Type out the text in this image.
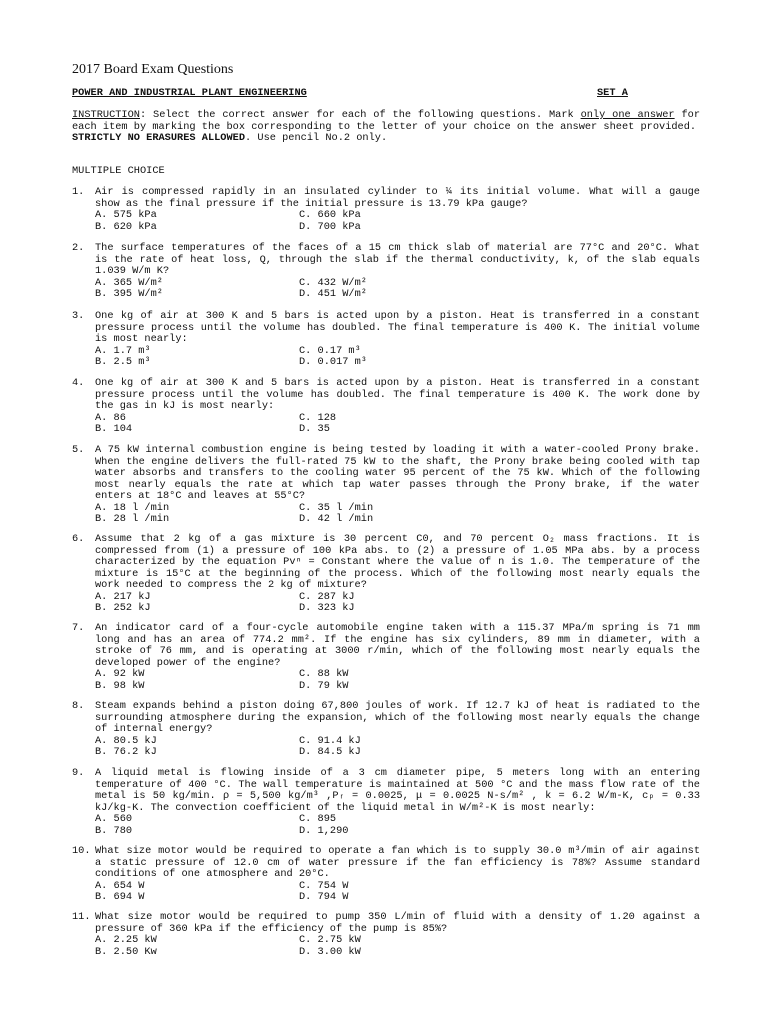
2017 Board Exam Questions
POWER AND INDUSTRIAL PLANT ENGINEERING	SET A
INSTRUCTION: Select the correct answer for each of the following questions. Mark only one answer for each item by marking the box corresponding to the letter of your choice on the answer sheet provided.
STRICTLY NO ERASURES ALLOWED. Use pencil No.2 only.
MULTIPLE CHOICE
1. Air is compressed rapidly in an insulated cylinder to ¼ its initial volume. What will a gauge show as the final pressure if the initial pressure is 13.79 kPa gauge?
A. 575 kPa	C. 660 kPa
B. 620 kPa	D. 700 kPa
2. The surface temperatures of the faces of a 15 cm thick slab of material are 77°C and 20°C. What is the rate of heat loss, Q, through the slab if the thermal conductivity, k, of the slab equals 1.039 W/m K?
A. 365 W/m²	C. 432 W/m²
B. 395 W/m²	D. 451 W/m²
3. One kg of air at 300 K and 5 bars is acted upon by a piston. Heat is transferred in a constant pressure process until the volume has doubled. The final temperature is 400 K. The initial volume is most nearly:
A. 1.7 m³	C. 0.17 m³
B. 2.5 m³	D. 0.017 m³
4. One kg of air at 300 K and 5 bars is acted upon by a piston. Heat is transferred in a constant pressure process until the volume has doubled. The final temperature is 400 K. The work done by the gas in kJ is most nearly:
A. 86	C. 128
B. 104	D. 35
5. A 75 kW internal combustion engine is being tested by loading it with a water-cooled Prony brake. When the engine delivers the full-rated 75 kW to the shaft, the Prony brake being cooled with tap water absorbs and transfers to the cooling water 95 percent of the 75 kW. Which of the following most nearly equals the rate at which tap water passes through the Prony brake, if the water enters at 18°C and leaves at 55°C?
A. 18 l /min	C. 35 l /min
B. 28 l /min	D. 42 l /min
6. Assume that 2 kg of a gas mixture is 30 percent C0, and 70 percent O₂ mass fractions. It is compressed from (1) a pressure of 100 kPa abs. to (2) a pressure of 1.05 MPa abs. by a process characterized by the equation Pvⁿ = Constant where the value of n is 1.0. The temperature of the mixture is 15°C at the beginning of the process. Which of the following most nearly equals the work needed to compress the 2 kg of mixture?
A. 217 kJ	C. 287 kJ
B. 252 kJ	D. 323 kJ
7. An indicator card of a four-cycle automobile engine taken with a 115.37 MPa/m spring is 71 mm long and has an area of 774.2 mm². If the engine has six cylinders, 89 mm in diameter, with a stroke of 76 mm, and is operating at 3000 r/min, which of the following most nearly equals the developed power of the engine?
A. 92 kW	C. 88 kW
B. 98 kW	D. 79 kW
8. Steam expands behind a piston doing 67,800 joules of work. If 12.7 kJ of heat is radiated to the surrounding atmosphere during the expansion, which of the following most nearly equals the change of internal energy?
A. 80.5 kJ	C. 91.4 kJ
B. 76.2 kJ	D. 84.5 kJ
9. A liquid metal is flowing inside of a 3 cm diameter pipe, 5 meters long with an entering temperature of 400 °C. The wall temperature is maintained at 500 °C and the mass flow rate of the metal is 50 kg/min. ρ = 5,500 kg/m³ ,Pᵣ = 0.0025, μ = 0.0025 N-s/m² , k = 6.2 W/m-K, cₚ = 0.33 kJ/kg-K. The convection coefficient of the liquid metal in W/m²-K is most nearly:
A. 560	C. 895
B. 780	D. 1,290
10. What size motor would be required to operate a fan which is to supply 30.0 m³/min of air against a static pressure of 12.0 cm of water pressure if the fan efficiency is 78%? Assume standard conditions of one atmosphere and 20°C.
A. 654 W	C. 754 W
B. 694 W	D. 794 W
11. What size motor would be required to pump 350 L/min of fluid with a density of 1.20 against a pressure of 360 kPa if the efficiency of the pump is 85%?
A. 2.25 kW	C. 2.75 kW
B. 2.50 Kw	D. 3.00 kW
